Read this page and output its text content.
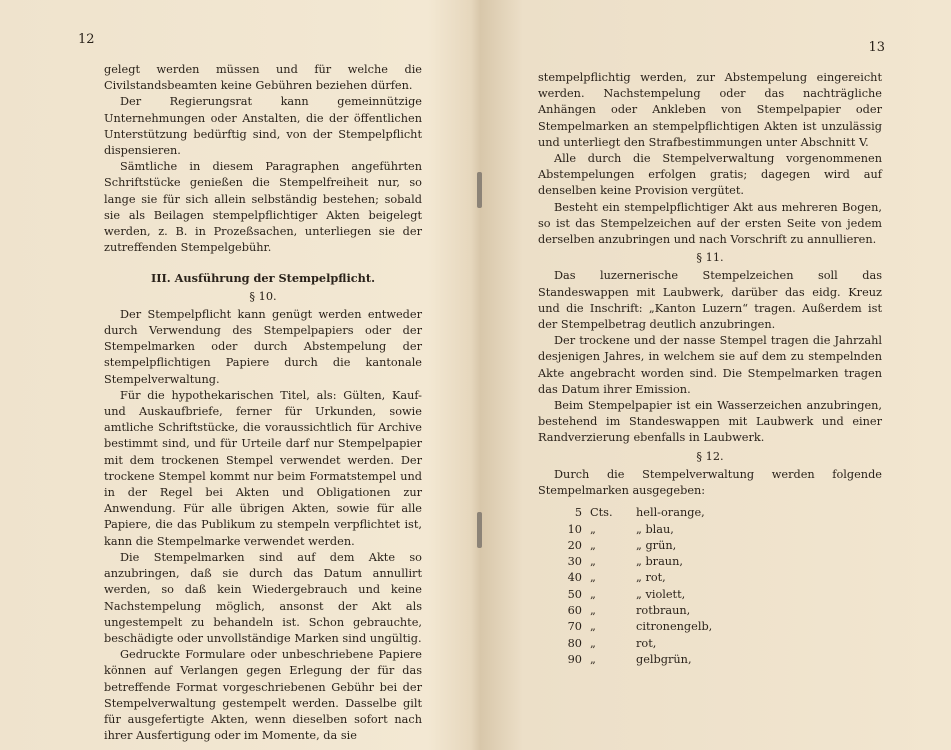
12

gelegt werden müssen und für welche die Civilstandsbeamten keine Gebühren beziehen dürfen.

Der Regierungsrat kann gemeinnützige Unternehmungen oder Anstalten, die der öffentlichen Unterstützung bedürftig sind, von der Stempelpflicht dispensieren.

Sämtliche in diesem Paragraphen angeführten Schriftstücke genießen die Stempelfreiheit nur, so lange sie für sich allein selbständig bestehen; sobald sie als Beilagen stempelpflichtiger Akten beigelegt werden, z. B. in Prozeßsachen, unterliegen sie der zutreffenden Stempelgebühr.

III. Ausführung der Stempelpflicht.
§ 10.

Der Stempelpflicht kann genügt werden entweder durch Verwendung des Stempelpapiers oder der Stempelmarken oder durch Abstempelung der stempelpflichtigen Papiere durch die kantonale Stempelverwaltung.

Für die hypothekarischen Titel, als: Gülten, Kauf- und Auskaufbriefe, ferner für Urkunden, sowie amtliche Schriftstücke, die voraussichtlich für Archive bestimmt sind, und für Urteile darf nur Stempelpapier mit dem trockenen Stempel verwendet werden. Der trockene Stempel kommt nur beim Formatstempel und in der Regel bei Akten und Obligationen zur Anwendung. Für alle übrigen Akten, sowie für alle Papiere, die das Publikum zu stempeln verpflichtet ist, kann die Stempelmarke verwendet werden.

Die Stempelmarken sind auf dem Akte so anzubringen, daß sie durch das Datum annullirt werden, so daß kein Wiedergebrauch und keine Nachstempelung möglich, ansonst der Akt als ungestempelt zu behandeln ist. Schon gebrauchte, beschädigte oder unvollständige Marken sind ungültig.

Gedruckte Formulare oder unbeschriebene Papiere können auf Verlangen gegen Erlegung der für das betreffende Format vorgeschriebenen Gebühr bei der Stempelverwaltung gestempelt werden. Dasselbe gilt für ausgefertigte Akten, wenn dieselben sofort nach ihrer Ausfertigung oder im Momente, da sie

13

stempelpflichtig werden, zur Abstempelung eingereicht werden. Nachstempelung oder das nachträgliche Anhängen oder Ankleben von Stempelpapier oder Stempelmarken an stempelpflichtigen Akten ist unzulässig und unterliegt den Strafbestimmungen unter Abschnitt V.

Alle durch die Stempelverwaltung vorgenommenen Abstempelungen erfolgen gratis; dagegen wird auf denselben keine Provision vergütet.

Besteht ein stempelpflichtiger Akt aus mehreren Bogen, so ist das Stempelzeichen auf der ersten Seite von jedem derselben anzubringen und nach Vorschrift zu annullieren.

§ 11.

Das luzernerische Stempelzeichen soll das Standeswappen mit Laubwerk, darüber das eidg. Kreuz und die Inschrift: „Kanton Luzern“ tragen. Außerdem ist der Stempelbetrag deutlich anzubringen.

Der trockene und der nasse Stempel tragen die Jahrzahl desjenigen Jahres, in welchem sie auf dem zu stempelnden Akte angebracht worden sind. Die Stempelmarken tragen das Datum ihrer Emission.

Beim Stempelpapier ist ein Wasserzeichen anzubringen, bestehend im Standeswappen mit Laubwerk und einer Randverzierung ebenfalls in Laubwerk.

§ 12.

Durch die Stempelverwaltung werden folgende Stempelmarken ausgegeben:

5 Cts.	hell-orange,
10 „	„ blau,
20 „	„ grün,
30 „	„ braun,
40 „	„ rot,
50 „	„ violett,
60 „	rotbraun,
70 „	citronengelb,
80 „	rot,
90 „	gelbgrün,
